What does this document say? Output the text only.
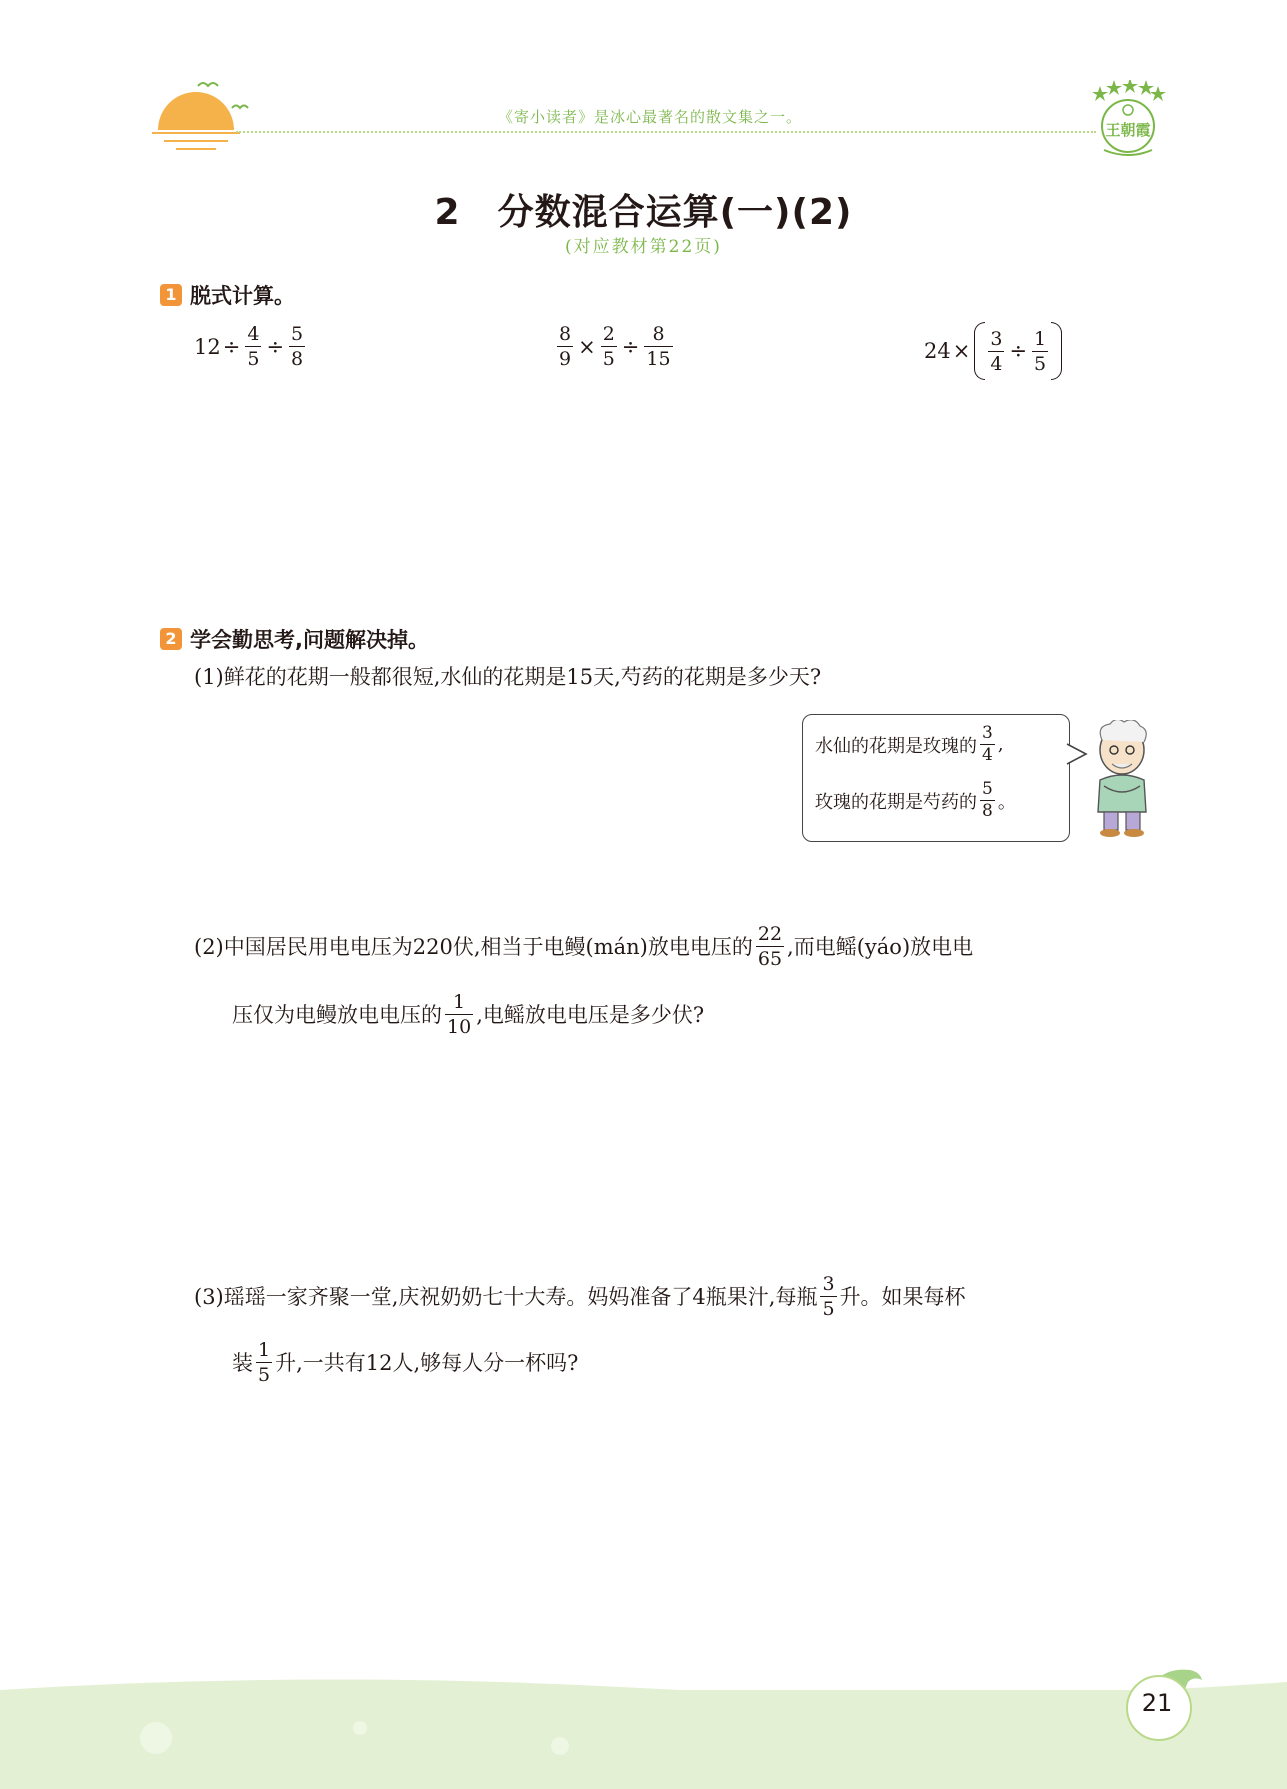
《寄小读者》是冰心最著名的散文集之一。
王朝霞
2　分数混合运算(一)(2)
(对应教材第22页)
1 脱式计算。
$12 \div \frac{4}{5} \div \frac{5}{8}$	$\frac{8}{9} \times \frac{2}{5} \div \frac{8}{15}$	$24 \times \frac{3}{4} \div \frac{1}{5}$
2 学会勤思考,问题解决掉。
(1)鲜花的花期一般都很短,水仙的花期是15天,芍药的花期是多少天?
水仙的花期是玫瑰的 $\frac{3}{4}$ ,
玫瑰的花期是芍药的 $\frac{5}{8}$ 。
(2)中国居民用电电压为220伏,相当于电鳗(mán)放电电压的 $\frac{22}{65}$ ,而电鳐(yáo)放电电
压仅为电鳗放电电压的 $\frac{1}{10}$ ,电鳐放电电压是多少伏?
(3)瑶瑶一家齐聚一堂,庆祝奶奶七十大寿。妈妈准备了4瓶果汁,每瓶 $\frac{3}{5}$ 升。如果每杯
装 $\frac{1}{5}$ 升,一共有12人,够每人分一杯吗?
21
